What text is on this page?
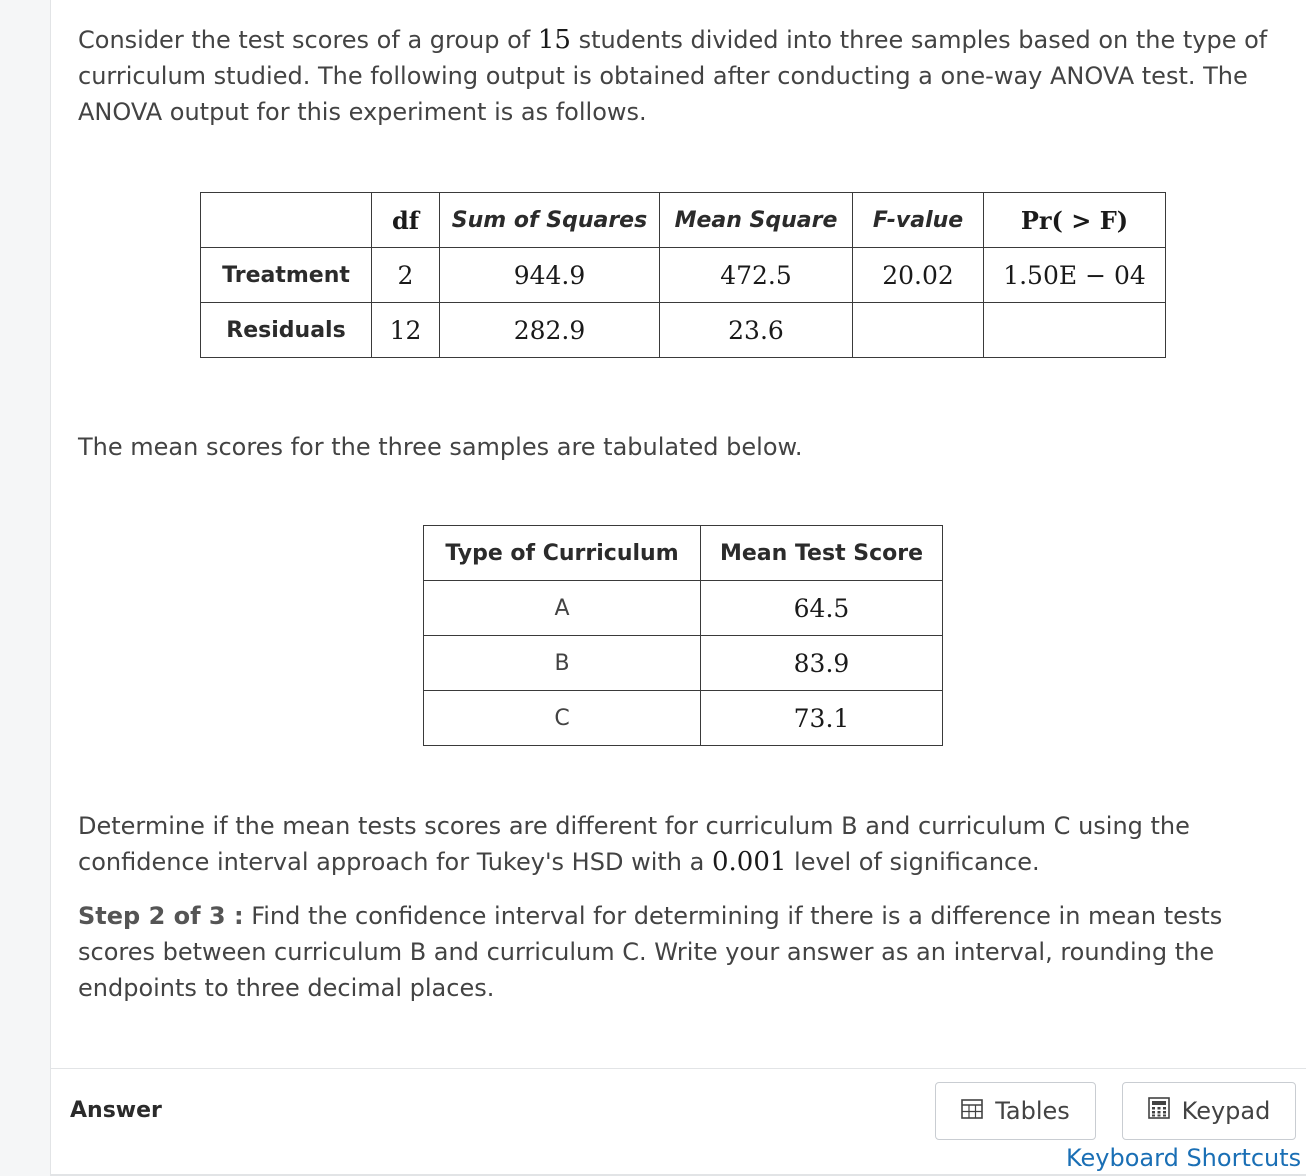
Consider the test scores of a group of 15 students divided into three samples based on the type of curriculum studied. The following output is obtained after conducting a one-way ANOVA test. The ANOVA output for this experiment is as follows.

	df	Sum of Squares	Mean Square	F-value	Pr( > F)
Treatment	2	944.9	472.5	20.02	1.50E − 04
Residuals	12	282.9	23.6		

The mean scores for the three samples are tabulated below.

Type of Curriculum	Mean Test Score
A	64.5
B	83.9
C	73.1

Determine if the mean tests scores are different for curriculum B and curriculum C using the confidence interval approach for Tukey's HSD with a 0.001 level of significance.

Step 2 of 3 : Find the confidence interval for determining if there is a difference in mean tests scores between curriculum B and curriculum C. Write your answer as an interval, rounding the endpoints to three decimal places.

Answer	Tables	Keypad
Keyboard Shortcuts
